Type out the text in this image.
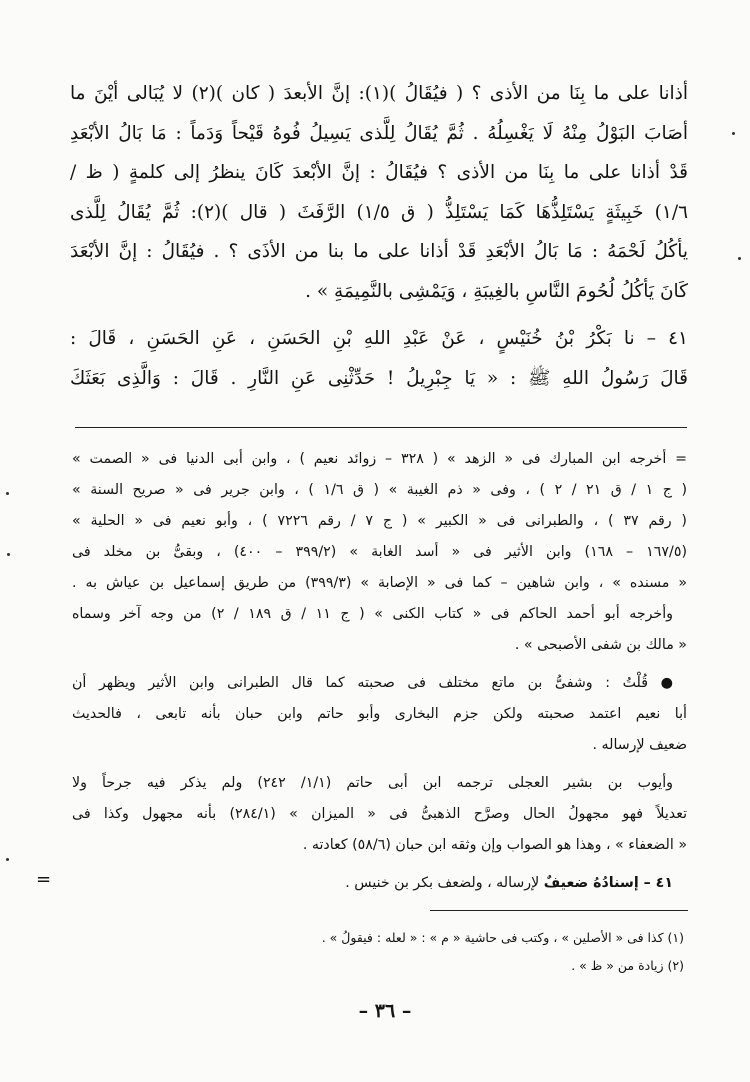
أذانا على ما بِنَا من الأذى ؟ ( فيُقَالُ )(١): إنَّ الأبعدَ ( كان )(٢) لا يُبَالى أيْنَ ما
أصَابَ البَوْلُ مِنْهُ لَا يَغْسِلُهُ . ثُمَّ يُقَالُ لِلَّذى يَسِيلُ فُوهُ قَيْحاً وَدَماً : مَا بَالُ الأبْعَدِ
قَدْ أذانا على ما بِنَا من الأذى ؟ فيُقَالُ : إنَّ الأبْعدَ كَانَ ينظرُ إلى كلمةٍ ( ظ /
١/٦) خَبِيثَةٍ يَسْتَلِذُّهَا كَمَا يَسْتَلِذُّ ( ق ١/٥) الرَّفَثَ ( قال )(٢): ثُمَّ يُقَالُ لِلَّذى
يأكُلُ لَحْمَهُ : مَا بَالُ الأبْعَدِ قَدْ أذانا على ما بنا من الأذَى ؟ . فيُقَالُ : إنَّ الأبْعَدَ
كَانَ يَأكُلُ لُحُومَ النَّاسِ بالغِيبَةِ ، وَيَمْشِى بالنَّمِيمَةِ » .
٤١ – نا بَكْرُ بْنُ خُنَيْسٍ ، عَنْ عَبْدِ اللهِ بْنِ الحَسَنِ ، عَنِ الحَسَنِ ، قَالَ :
قَالَ رَسُولُ اللهِ ﷺ : « يَا جِبْرِيلُ ! حَدِّثْنِى عَنِ النَّارِ . قَالَ : وَالَّذِى بَعَثَكَ
= أخرجه ابن المبارك فى « الزهد » ( ٣٢٨ – زوائد نعيم ) ، وابن أبى الدنيا فى « الصمت »
( ج ١ / ق ٢١ / ٢ ) ، وفى « ذم الغيبة » ( ق ١/٦ ) ، وابن جرير فى « صريح السنة »
( رقم ٣٧ ) ، والطبرانى فى « الكبير » ( ج ٧ / رقم ٧٢٢٦ ) ، وأبو نعيم فى « الحلية »
(١٦٧/٥ – ١٦٨) وابن الأثير فى « أسد الغابة » (٣٩٩/٢ – ٤٠٠) ، وبقىُّ بن مخلد فى
« مسنده » ، وابن شاهين – كما فى « الإصابة » (٣٩٩/٣) من طريق إسماعيل بن عياش به .
وأخرجه أبو أحمد الحاكم فى « كتاب الكنى » ( ج ١١ / ق ١٨٩ / ٢) من وجه آخر وسماه
« مالك بن شفى الأصبحى » .
● قُلْتُ : وشفىُّ بن ماتع مختلف فى صحبته كما قال الطبرانى وابن الأثير ويظهر أن
أبا نعيم اعتمد صحبته ولكن جزم البخارى وأبو حاتم وابن حبان بأنه تابعى ، فالحديث
ضعيف لإرساله .
وأيوب بن بشير العجلى ترجمه ابن أبى حاتم (١/١/ ٢٤٢) ولم يذكر فيه جرحاً ولا
تعديلاً فهو مجهولُ الحال وصرَّح الذهبىُّ فى « الميزان » (٢٨٤/١) بأنه مجهول وكذا فى
« الضعفاء » ، وهذا هو الصواب وإن وثقه ابن حبان (٥٨/٦) كعادته .
٤١ – إسنادُهُ ضعيفٌ لإرساله ، ولضعف بكر بن خنيس .
=
(١) كذا فى « الأصلين » ، وكتب فى حاشية « م » : « لعله : فيقولُ » .
(٢) زيادة من « ظ » .
– ٣٦ –
